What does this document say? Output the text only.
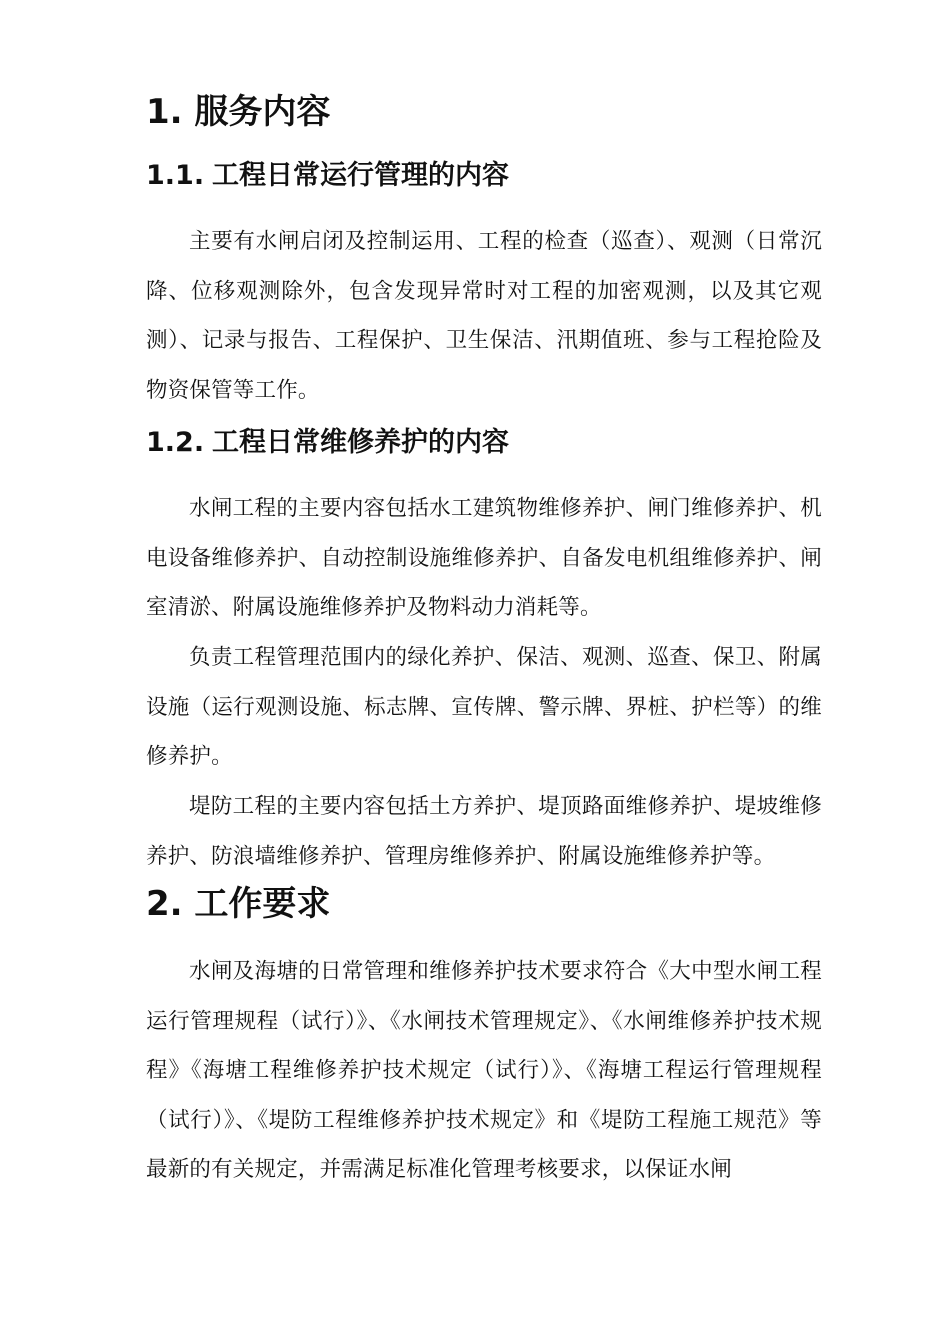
1. 服务内容
1.1. 工程日常运行管理的内容

主要有水闸启闭及控制运用、工程的检查（巡查）、观测（日常沉降、位移观测除外，包含发现异常时对工程的加密观测，以及其它观测）、记录与报告、工程保护、卫生保洁、汛期值班、参与工程抢险及物资保管等工作。

1.2. 工程日常维修养护的内容

水闸工程的主要内容包括水工建筑物维修养护、闸门维修养护、机电设备维修养护、自动控制设施维修养护、自备发电机组维修养护、闸室清淤、附属设施维修养护及物料动力消耗等。

负责工程管理范围内的绿化养护、保洁、观测、巡查、保卫、附属设施（运行观测设施、标志牌、宣传牌、警示牌、界桩、护栏等）的维修养护。

堤防工程的主要内容包括土方养护、堤顶路面维修养护、堤坡维修养护、防浪墙维修养护、管理房维修养护、附属设施维修养护等。

2. 工作要求

水闸及海塘的日常管理和维修养护技术要求符合《大中型水闸工程运行管理规程（试行）》、《水闸技术管理规定》、《水闸维修养护技术规程》《海塘工程维修养护技术规定（试行）》、《海塘工程运行管理规程（试行）》、《堤防工程维修养护技术规定》和《堤防工程施工规范》等最新的有关规定，并需满足标准化管理考核要求，以保证水闸
